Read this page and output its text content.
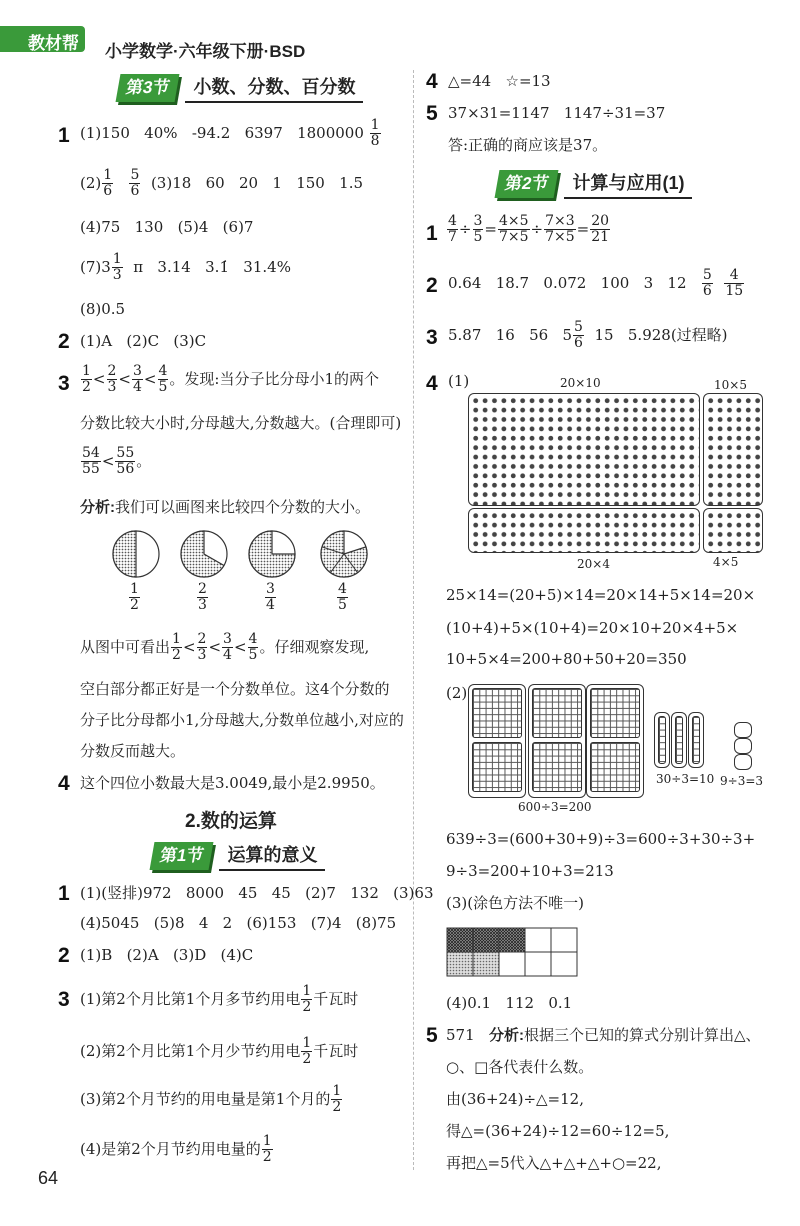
教材帮 小学数学·六年级下册·BSD
第3节	小数、分数、百分数
1 (1)150   40%   -94.2   6397   1800000
$\frac{1}{8}$
$(2) \frac{1}{6}$
$\frac{5}{6}$
(3)18   60   20   1   150   1.5
(4)75   130   (5)4   (6)7
$(7)3 \frac{1}{3}$
π   3.14   3.1̇   31.4%
(8)0.5
2 (1)A   (2)C   (3)C
$3 \frac{1}{2} < \frac{2}{3} < \frac{3}{4} < \frac{4}{5}$ 。发现:当分子比分母小1的两个
分数比较大小时,分母越大,分数越大。(合理即可)
$\frac{54}{55} < \frac{55}{56}$ 。
分析:我们可以画图来比较四个分数的大小。
$\frac{1}{2}$	$\frac{2}{3}$	$\frac{3}{4}$	$\frac{4}{5}$
从图中可看出 $\frac{1}{2} < \frac{2}{3} < \frac{3}{4} < \frac{4}{5}$ 。仔细观察发现,
空白部分都正好是一个分数单位。这4个分数的
分子比分母都小1,分母越大,分数单位越小,对应的
分数反而越大。
4 这个四位小数最大是3.0049,最小是2.9950。
2.数的运算
第1节	运算的意义
1 (1)(竖排)972   8000   45   45   (2)7   132   (3)63
(4)5045   (5)8   4   2   (6)153   (7)4   (8)75
2 (1)B   (2)A   (3)D   (4)C
3 (1)第2个月比第1个月多节约用电 $\frac{1}{2}$ 千瓦时
(2)第2个月比第1个月少节约用电 $\frac{1}{2}$ 千瓦时
(3)第2个月节约的用电量是第1个月的 $\frac{1}{2}$
(4)是第2个月节约用电量的 $\frac{1}{2}$
64
4 △=44   ☆=13
5 37×31=1147   1147÷31=37
答:正确的商应该是37。
第2节	计算与应用(1)
$1 \frac{4}{7} \div \frac{3}{5} = \frac{4\times 5}{7\times 5} \div \frac{7\times 3}{7\times 5} = \frac{20}{21}$
2 0.64   18.7   0.072   100   3   12
$\frac{5}{6}$
$\frac{4}{15}$
3 5.87   16   56   $5 \frac{5}{6}$
15   5.928(过程略)
4 (1)	20×10	10×5
20×4	4×5
25×14=(20+5)×14=20×14+5×14=20×
(10+4)+5×(10+4)=20×10+20×4+5×
10+5×4=200+80+50+20=350
(2)
30÷3=10 9÷3=3
600÷3=200
639÷3=(600+30+9)÷3=600÷3+30÷3+
9÷3=200+10+3=213
(3)(涂色方法不唯一)
(4)0.1   112   0.1
5 571 分析:根据三个已知的算式分别计算出△、
○、□各代表什么数。
由(36+24)÷△=12,
得△=(36+24)÷12=60÷12=5,
再把△=5代入△+△+△+○=22,
